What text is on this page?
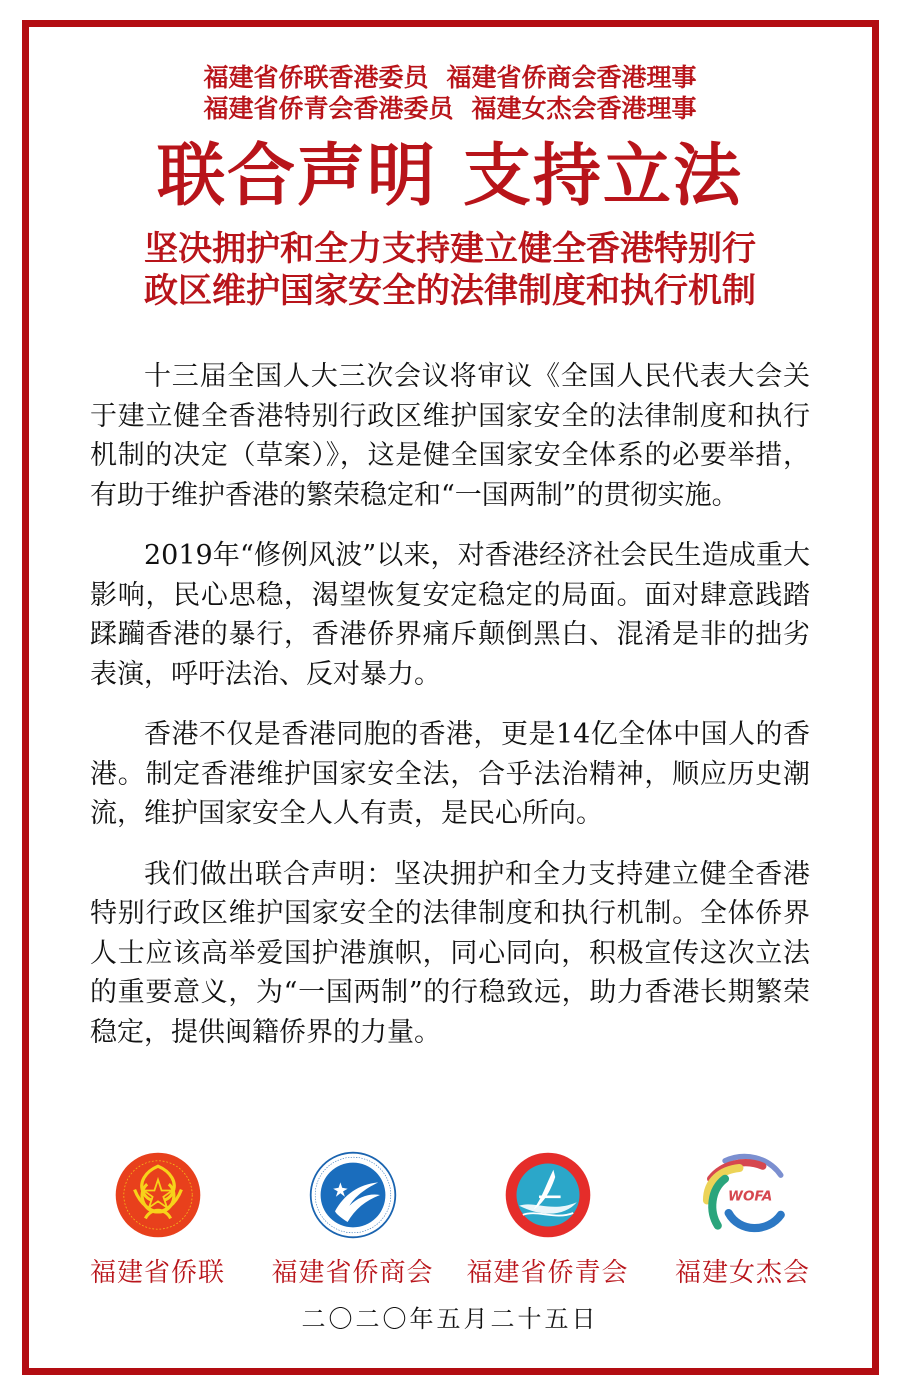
福建省侨联香港委员 福建省侨商会香港理事
福建省侨青会香港委员 福建女杰会香港理事
联合声明 支持立法
坚决拥护和全力支持建立健全香港特别行
政区维护国家安全的法律制度和执行机制

十三届全国人大三次会议将审议《全国人民代表大会关于建立健全香港特别行政区维护国家安全的法律制度和执行机制的决定（草案）》，这是健全国家安全体系的必要举措，有助于维护香港的繁荣稳定和“一国两制”的贯彻实施。

2019年“修例风波”以来，对香港经济社会民生造成重大影响，民心思稳，渴望恢复安定稳定的局面。面对肆意践踏蹂躏香港的暴行，香港侨界痛斥颠倒黑白、混淆是非的拙劣表演，呼吁法治、反对暴力。

香港不仅是香港同胞的香港，更是14亿全体中国人的香港。制定香港维护国家安全法，合乎法治精神，顺应历史潮流，维护国家安全人人有责，是民心所向。

我们做出联合声明：坚决拥护和全力支持建立健全香港特别行政区维护国家安全的法律制度和执行机制。全体侨界人士应该高举爱国护港旗帜，同心同向，积极宣传这次立法的重要意义，为“一国两制”的行稳致远，助力香港长期繁荣稳定，提供闽籍侨界的力量。

福建省侨联 福建省侨商会 福建省侨青会
WOFA
福建女杰会
二〇二〇年五月二十五日
